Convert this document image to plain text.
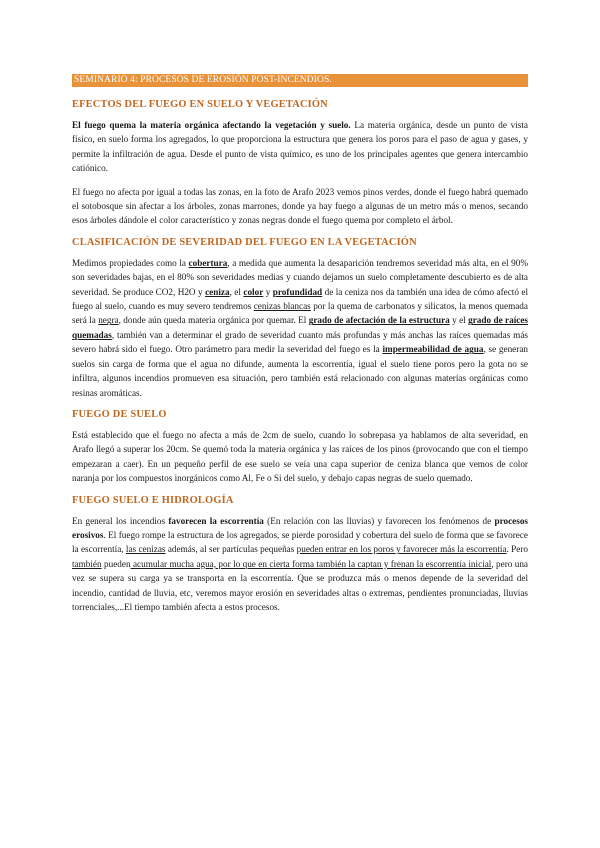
SEMINARIO 4: PROCESOS DE EROSIÓN POST-INCENDIOS.
EFECTOS DEL FUEGO EN SUELO Y VEGETACIÓN

El fuego quema la materia orgánica afectando la vegetación y suelo. La materia orgánica, desde un punto de vista físico, en suelo forma los agregados, lo que proporciona la estructura que genera los poros para el paso de agua y gases, y permite la infiltración de agua. Desde el punto de vista químico, es uno de los principales agentes que genera intercambio catiónico.

El fuego no afecta por igual a todas las zonas, en la foto de Arafo 2023 vemos pinos verdes, donde el fuego habrá quemado el sotobosque sin afectar a los árboles, zonas marrones, donde ya hay fuego a algunas de un metro más o menos, secando esos árboles dándole el color característico y zonas negras donde el fuego quema por completo el árbol.

CLASIFICACIÓN DE SEVERIDAD DEL FUEGO EN LA VEGETACIÓN

Medimos propiedades como la cobertura, a medida que aumenta la desaparición tendremos severidad más alta, en el 90% son severidades bajas, en el 80% son severidades medias y cuando dejamos un suelo completamente descubierto es de alta severidad. Se produce CO2, H2O y ceniza, el color y profundidad de la ceniza nos da también una idea de cómo afectó el fuego al suelo, cuando es muy severo tendremos cenizas blancas por la quema de carbonatos y silicatos, la menos quemada será la negra, donde aún queda materia orgánica por quemar. El grado de afectación de la estructura y el grado de raíces quemadas, también van a determinar el grado de severidad cuanto más profundas y más anchas las raíces quemadas más severo habrá sido el fuego. Otro parámetro para medir la severidad del fuego es la impermeabilidad de agua, se generan suelos sin carga de forma que el agua no difunde, aumenta la escorrentía, igual el suelo tiene poros pero la gota no se infiltra, algunos incendios promueven esa situación, pero también está relacionado con algunas materias orgánicas como resinas aromáticas.

FUEGO DE SUELO

Está establecido que el fuego no afecta a más de 2cm de suelo, cuando lo sobrepasa ya hablamos de alta severidad, en Arafo llegó a superar los 20cm. Se quemó toda la materia orgánica y las raíces de los pinos (provocando que con el tiempo empezaran a caer). En un pequeño perfil de ese suelo se veía una capa superior de ceniza blanca que vemos de color naranja por los compuestos inorgánicos como Al, Fe o Si del suelo, y debajo capas negras de suelo quemado.

FUEGO SUELO E HIDROLOGÍA

En general los incendios favorecen la escorrentía (En relación con las lluvias) y favorecen los fenómenos de procesos erosivos. El fuego rompe la estructura de los agregados, se pierde porosidad y cobertura del suelo de forma que se favorece la escorrentía, las cenizas además, al ser partículas pequeñas pueden entrar en los poros y favorecer más la escorrentía. Pero también pueden acumular mucha agua, por lo que en cierta forma también la captan y frenan la escorrentía inicial, pero una vez se supera su carga ya se transporta en la escorrentía. Que se produzca más o menos depende de la severidad del incendio, cantidad de lluvia, etc, veremos mayor erosión en severidades altas o extremas, pendientes pronunciadas, lluvias torrenciales,...El tiempo también afecta a estos procesos.
